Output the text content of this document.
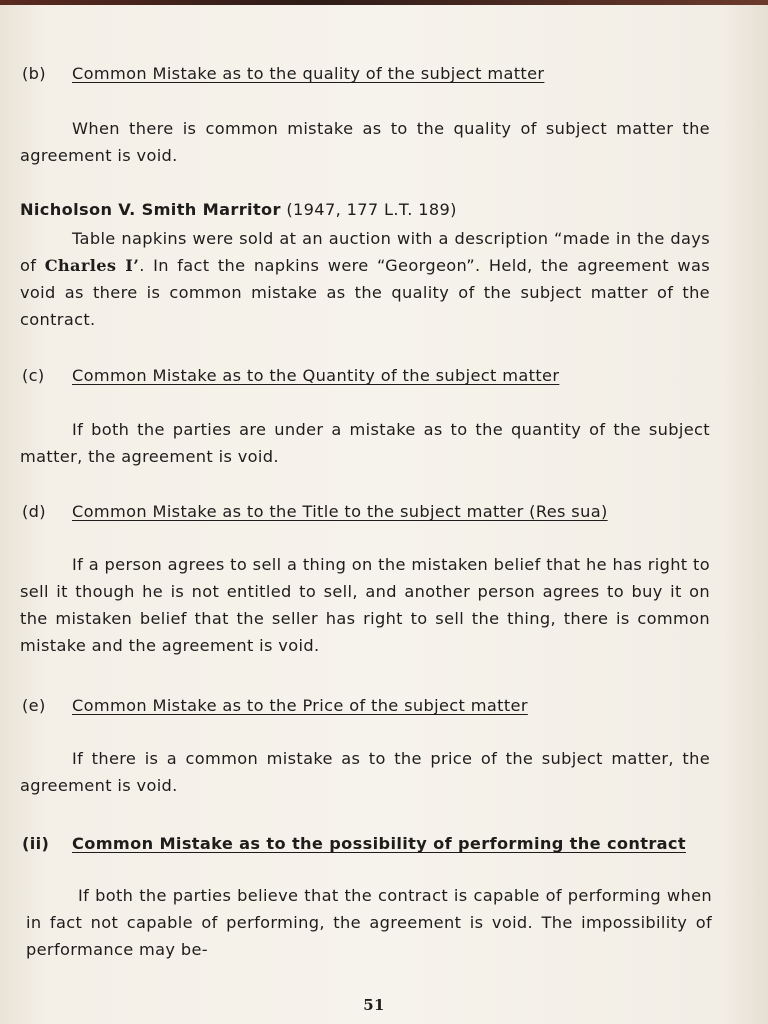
(b)	Common Mistake as to the quality of the subject matter
When there is common mistake as to the quality of subject matter the agreement is void.
Nicholson V. Smith Marritor (1947, 177 L.T. 189)
Table napkins were sold at an auction with a description “made in the days of Charles I’. In fact the napkins were “Georgeon”. Held, the agreement was void as there is common mistake as the quality of the subject matter of the contract.
(c)	Common Mistake as to the Quantity of the subject matter
If both the parties are under a mistake as to the quantity of the subject matter, the agreement is void.
(d)	Common Mistake as to the Title to the subject matter (Res sua)
If a person agrees to sell a thing on the mistaken belief that he has right to sell it though he is not entitled to sell, and another person agrees to buy it on the mistaken belief that the seller has right to sell the thing, there is common mistake and the agreement is void.
(e)	Common Mistake as to the Price of the subject matter
If there is a common mistake as to the price of the subject matter, the agreement is void.
(ii)	Common Mistake as to the possibility of performing the contract
If both the parties believe that the contract is capable of performing when in fact not capable of performing, the agreement is void. The impossibility of performance may be-
51
